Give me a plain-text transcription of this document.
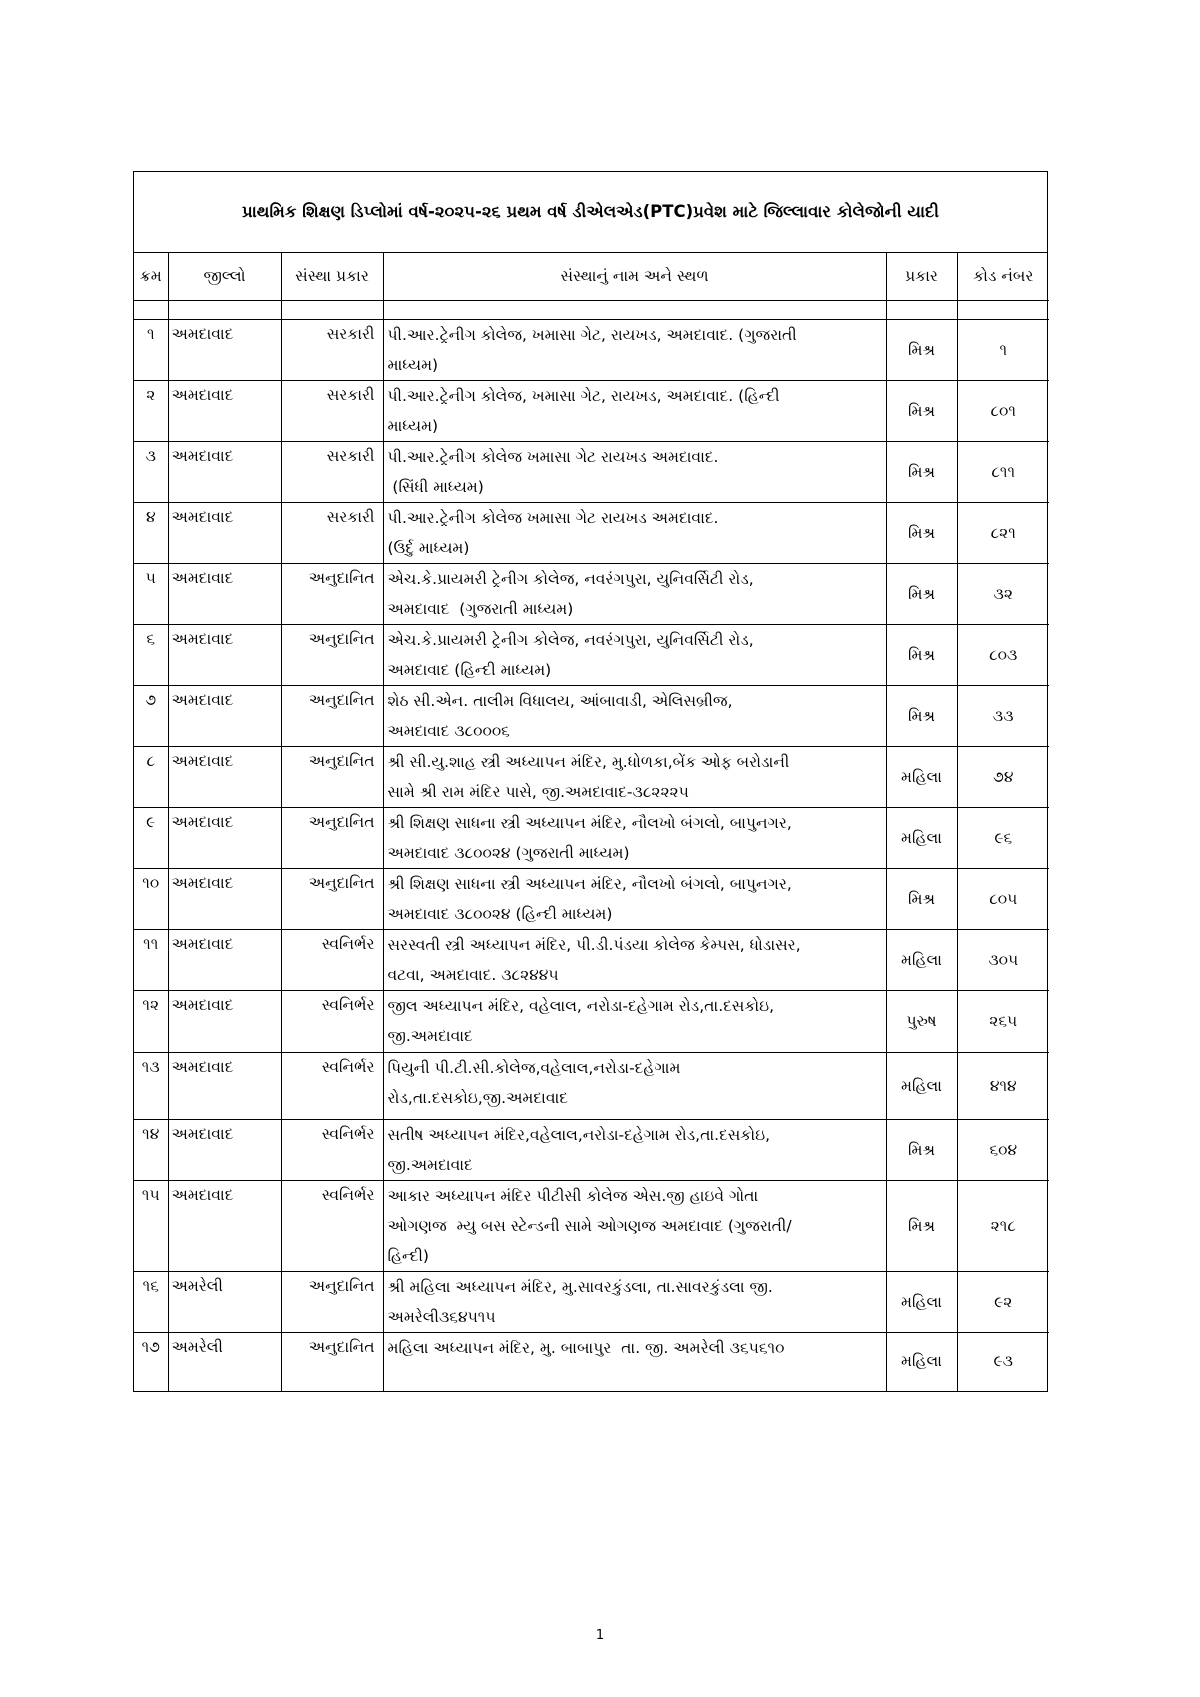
પ્રાથમિક શિક્ષણ ડિપ્લોમાં વર્ષ-૨૦૨૫-૨૬ પ્રથમ વર્ષ ડીએલએડ(PTC)પ્રવેશ માટે જિલ્લાવાર કોલેજોની યાદી
ક્રમ	જીલ્લો	સંસ્થા પ્રકાર	સંસ્થાનું નામ અને સ્થળ	પ્રકાર	કોડ નંબર

૧	અમદાવાદ	સરકારી	પી.આર.ટ્રેનીગ કોલેજ, ખમાસા ગેટ, રાયખડ, અમદાવાદ. (ગુજરાતી
માધ્યમ)	મિશ્ર	૧
૨	અમદાવાદ	સરકારી	પી.આર.ટ્રેનીગ કોલેજ, ખમાસા ગેટ, રાયખડ, અમદાવાદ. (હિન્દી
માધ્યમ)	મિશ્ર	૮૦૧
૩	અમદાવાદ	સરકારી	પી.આર.ટ્રેનીગ કોલેજ ખમાસા ગેટ રાયખડ અમદાવાદ.
(સિંધી માધ્યમ)	મિશ્ર	૮૧૧
૪	અમદાવાદ	સરકારી	પી.આર.ટ્રેનીગ કોલેજ ખમાસા ગેટ રાયખડ અમદાવાદ.
(ઉર્દુ માધ્યમ)	મિશ્ર	૮૨૧
૫	અમદાવાદ	અનુદાનિત	એચ.કે.પ્રાયમરી ટ્રેનીગ કોલેજ, નવરંગપુરા, યુનિવર્સિટી રોડ,
અમદાવાદ  (ગુજરાતી માધ્યમ)	મિશ્ર	૩૨
૬	અમદાવાદ	અનુદાનિત	એચ.કે.પ્રાયમરી ટ્રેનીગ કોલેજ, નવરંગપુરા, યુનિવર્સિટી રોડ,
અમદાવાદ (હિન્દી માધ્યમ)	મિશ્ર	૮૦૩
૭	અમદાવાદ	અનુદાનિત	શેઠ સી.એન. તાલીમ વિધાલય, આંબાવાડી, એલિસબ્રીજ,
અમદાવાદ ૩૮૦૦૦૬	મિશ્ર	૩૩
૮	અમદાવાદ	અનુદાનિત	શ્રી સી.યુ.શાહ સ્ત્રી અધ્યાપન મંદિર, મુ.ધોળકા,બેંક ઓફ બરોડાની
સામે શ્રી રામ મંદિર પાસે, જી.અમદાવાદ-૩૮૨૨૨૫	મહિલા	૭૪
૯	અમદાવાદ	અનુદાનિત	શ્રી શિક્ષણ સાધના સ્ત્રી અધ્યાપન મંદિર, નૌલખો બંગલો, બાપુનગર,
અમદાવાદ ૩૮૦૦૨૪ (ગુજરાતી માધ્યમ)	મહિલા	૯૬
૧૦	અમદાવાદ	અનુદાનિત	શ્રી શિક્ષણ સાધના સ્ત્રી અધ્યાપન મંદિર, નૌલખો બંગલો, બાપુનગર,
અમદાવાદ ૩૮૦૦૨૪ (હિન્દી માધ્યમ)	મિશ્ર	૮૦૫
૧૧	અમદાવાદ	સ્વનિર્ભર	સરસ્વતી સ્ત્રી અધ્યાપન મંદિર, પી.ડી.પંડયા કોલેજ કેમ્પસ, ધોડાસર,
વટવા, અમદાવાદ. ૩૮૨૪૪૫	મહિલા	૩૦૫
૧૨	અમદાવાદ	સ્વનિર્ભર	જીલ અધ્યાપન મંદિર, વહેલાલ, નરોડા-દહેગામ રોડ,તા.દસકોઇ,
જી.અમદાવાદ	પુરુષ	૨૬૫
૧૩	અમદાવાદ	સ્વનિર્ભર	પિયુની પી.ટી.સી.કોલેજ,વહેલાલ,નરોડા-દહેગામ
રોડ,તા.દસકોઇ,જી.અમદાવાદ	મહિલા	૪૧૪
૧૪	અમદાવાદ	સ્વનિર્ભર	સતીષ અધ્યાપન મંદિર,વહેલાલ,નરોડા-દહેગામ રોડ,તા.દસકોઇ,
જી.અમદાવાદ	મિશ્ર	૬૦૪
૧૫	અમદાવાદ	સ્વનિર્ભર	આકાર અધ્યાપન મંદિર પીટીસી કોલેજ એસ.જી હાઇવે ગોતા
ઓગણજ  મ્યુ બસ સ્ટેન્ડની સામે ઓગણજ અમદાવાદ (ગુજરાતી/
હિન્દી)	મિશ્ર	૨૧૮
૧૬	અમરેલી	અનુદાનિત	શ્રી મહિલા અધ્યાપન મંદિર, મુ.સાવરકુંડલા, તા.સાવરકુંડલા જી.
અમરેલી૩૬૪૫૧૫	મહિલા	૯૨
૧૭	અમરેલી	અનુદાનિત	મહિલા અધ્યાપન મંદિર, મુ. બાબાપુર  તા. જી. અમરેલી ૩૬૫૬૧૦	મહિલા	૯૩
1
